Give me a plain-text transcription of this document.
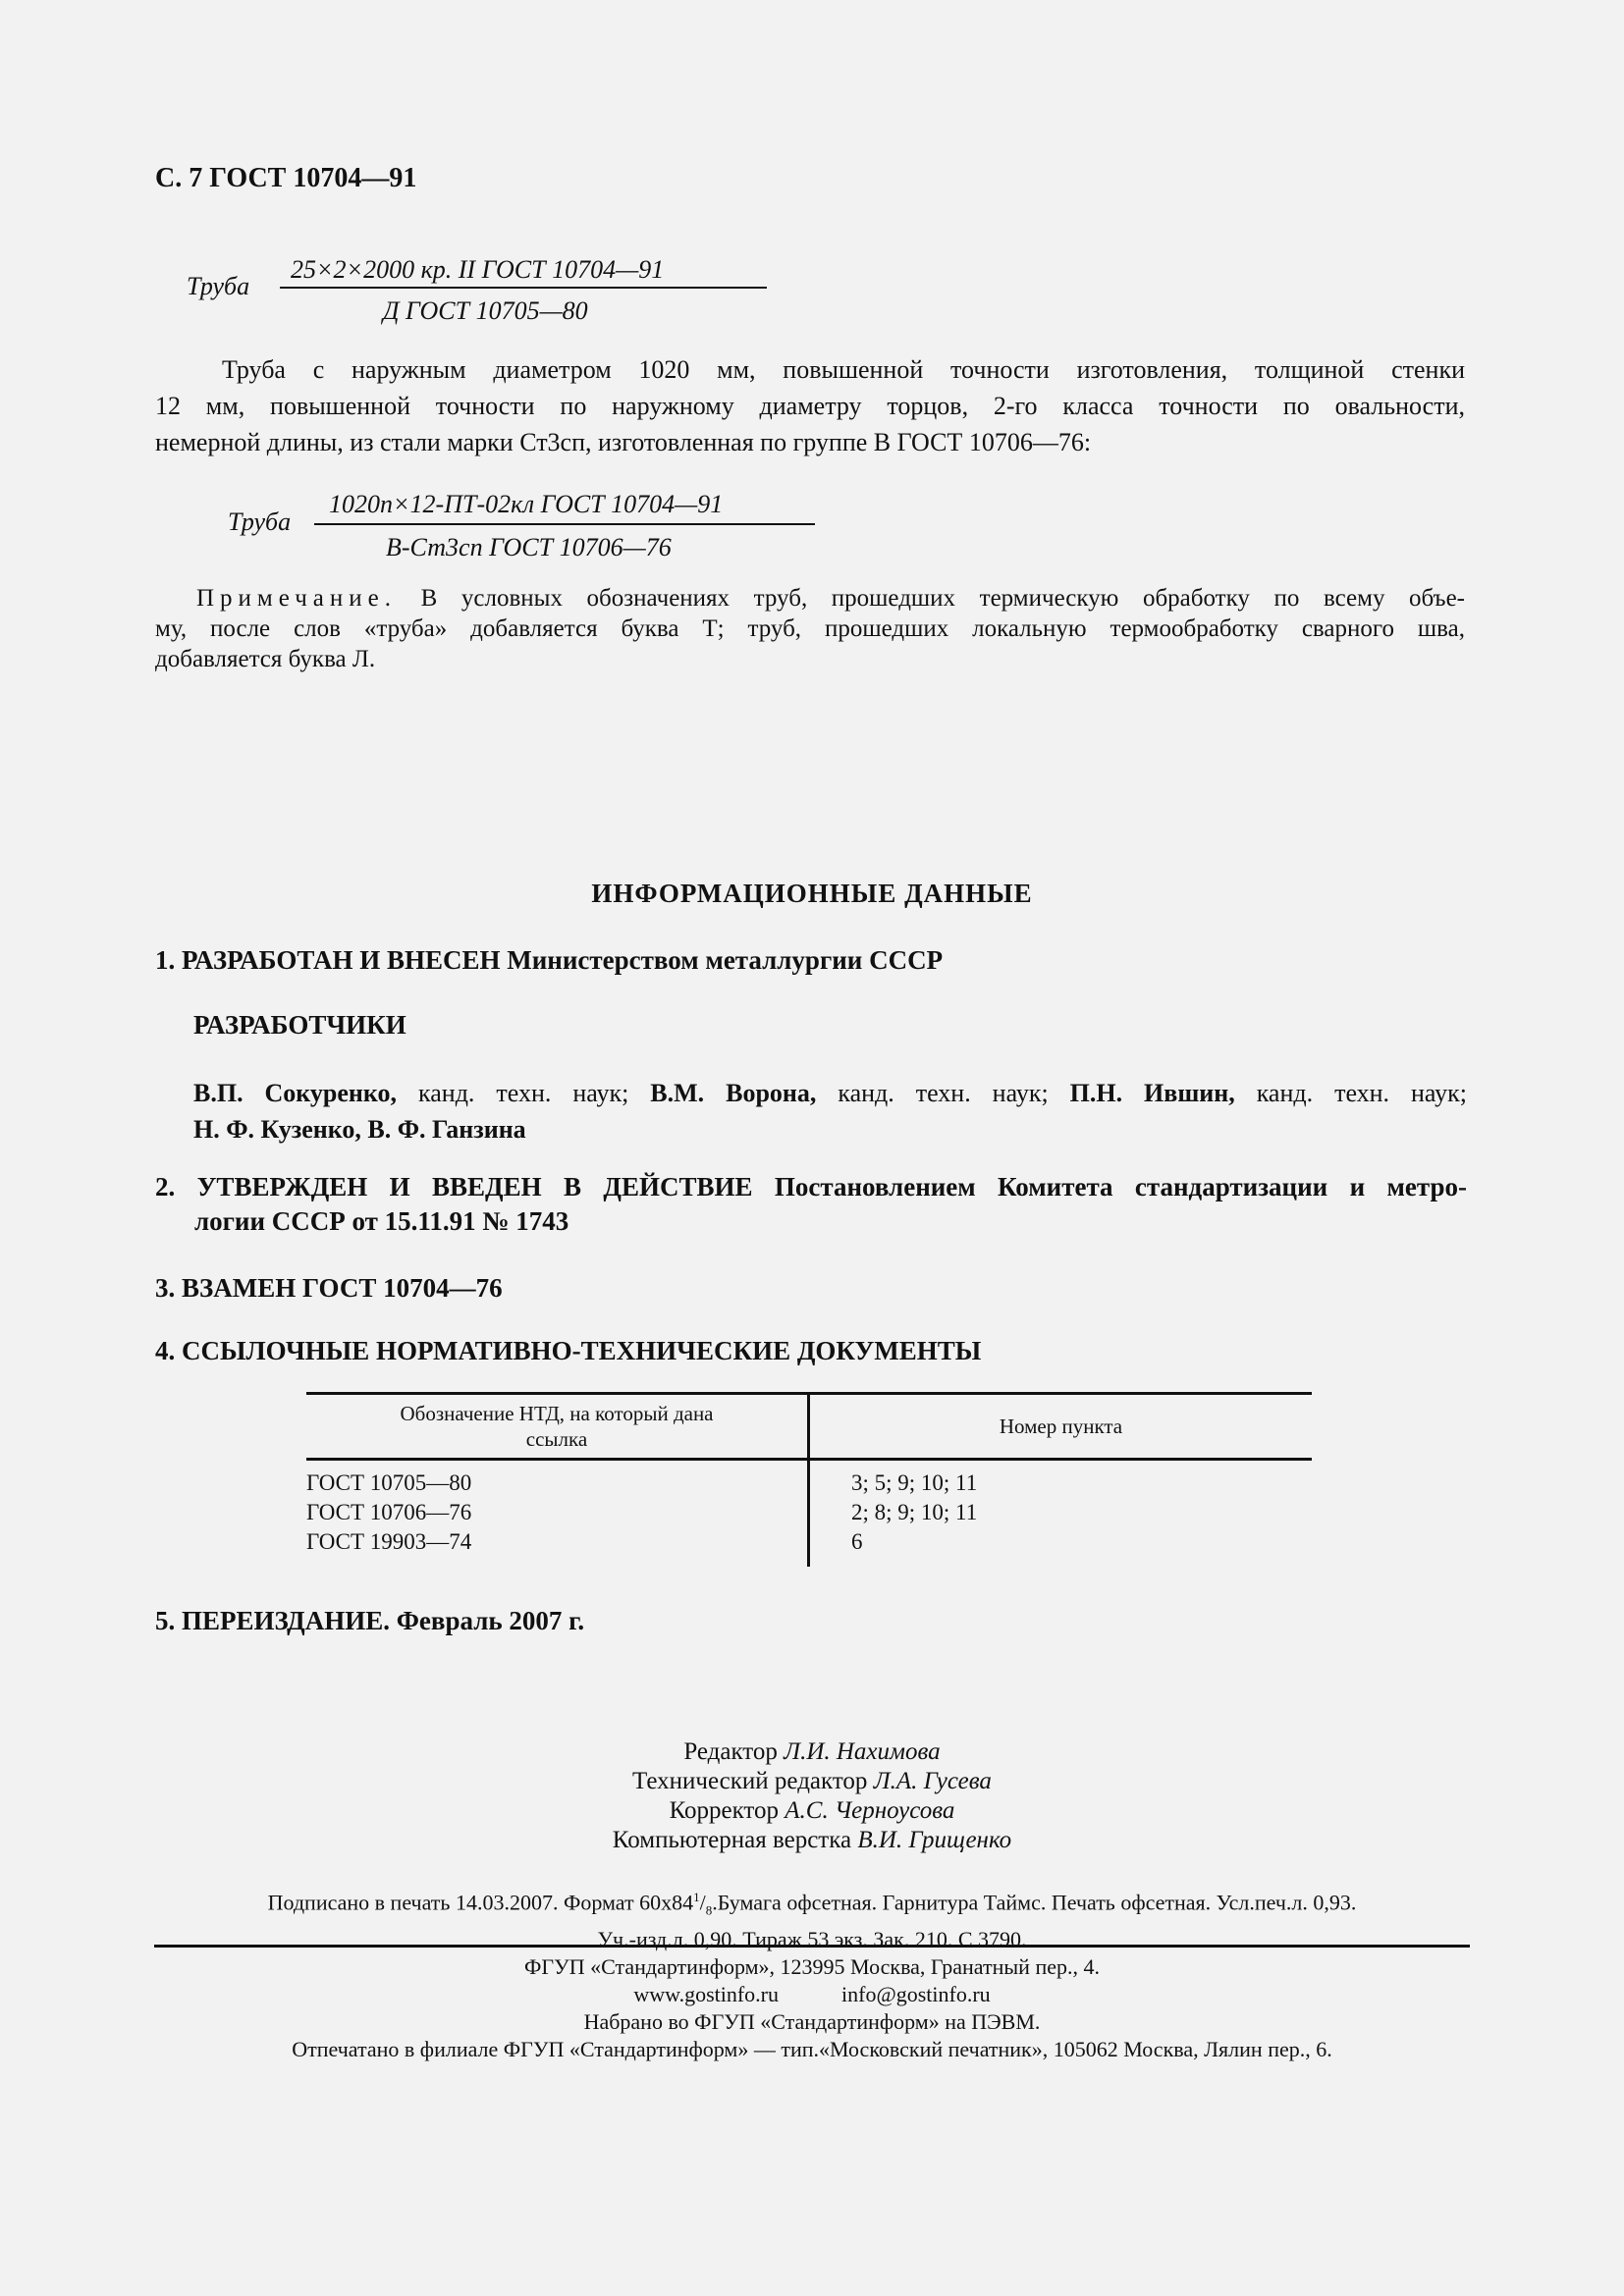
С. 7 ГОСТ 10704—91
Труба
25×2×2000 кр. II ГОСТ 10704—91
Д ГОСТ 10705—80
Труба с наружным диаметром 1020 мм, повышенной точности изготовления, толщиной стенки
12 мм, повышенной точности по наружному диаметру торцов, 2-го класса точности по овальности,
немерной длины, из стали марки Ст3сп, изготовленная по группе В ГОСТ 10706—76:
Труба
1020п×12-ПТ-02кл ГОСТ 10704—91
В-Ст3сп ГОСТ 10706—76
Примечание. В условных обозначениях труб, прошедших термическую обработку по всему объе-
му, после слов «труба» добавляется буква Т; труб, прошедших локальную термообработку сварного шва,
добавляется буква Л.
ИНФОРМАЦИОННЫЕ ДАННЫЕ
1. РАЗРАБОТАН И ВНЕСЕН Министерством металлургии СССР
РАЗРАБОТЧИКИ
В.П. Сокуренко, канд. техн. наук; В.М. Ворона, канд. техн. наук; П.Н. Ившин, канд. техн. наук;
Н. Ф. Кузенко, В. Ф. Ганзина
2. УТВЕРЖДЕН И ВВЕДЕН В ДЕЙСТВИЕ Постановлением Комитета стандартизации и метро-
логии СССР от 15.11.91 № 1743
3. ВЗАМЕН ГОСТ 10704—76
4. ССЫЛОЧНЫЕ НОРМАТИВНО-ТЕХНИЧЕСКИЕ ДОКУМЕНТЫ
Обозначение НТД, на который дана
ссылка	Номер пункта
ГОСТ 10705—80	3; 5; 9; 10; 11
ГОСТ 10706—76	2; 8; 9; 10; 11
ГОСТ 19903—74	6
5. ПЕРЕИЗДАНИЕ. Февраль 2007 г.
Редактор Л.И. Нахимова
Технический редактор Л.А. Гусева
Корректор А.С. Черноусова
Компьютерная верстка В.И. Грищенко
Подписано в печать 14.03.2007. Формат $60x84^1/_8.Бумага$ офсетная. Гарнитура Таймс. Печать офсетная. Усл.печ.л. 0,93.
Уч.-изд.л. 0,90. Тираж 53 экз. Зак. 210. С 3790.
ФГУП «Стандартинформ», 123995 Москва, Гранатный пер., 4.
www.gostinfo.ru	info@gostinfo.ru
Набрано во ФГУП «Стандартинформ» на ПЭВМ.
Отпечатано в филиале ФГУП «Стандартинформ» — тип.«Московский печатник», 105062 Москва, Лялин пер., 6.
